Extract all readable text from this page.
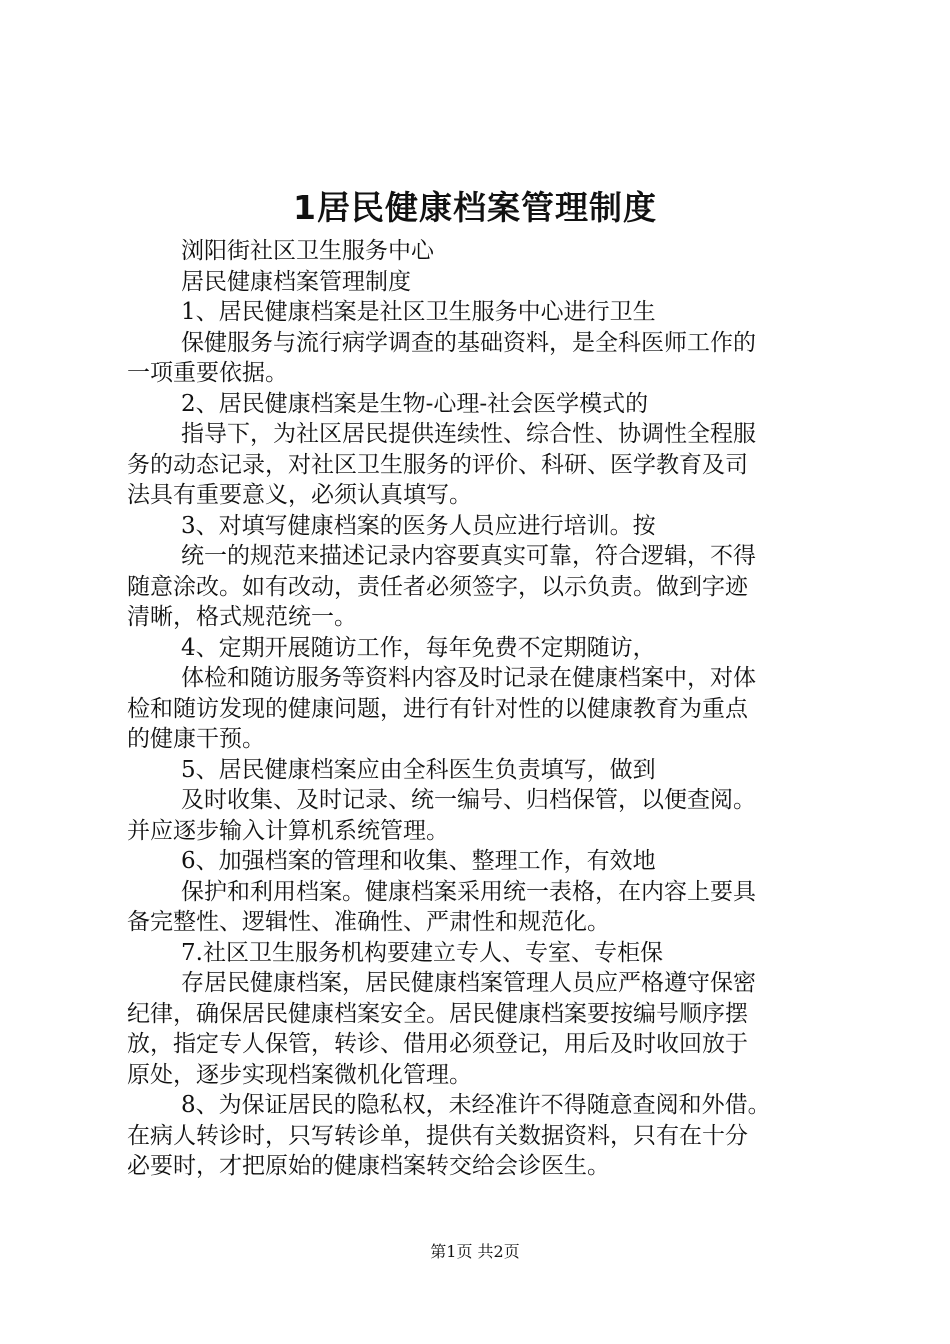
1居民健康档案管理制度
浏阳街社区卫生服务中心
居民健康档案管理制度
1、居民健康档案是社区卫生服务中心进行卫生
保健服务与流行病学调查的基础资料，是全科医师工作的
一项重要依据。
2、居民健康档案是生物-心理-社会医学模式的
指导下，为社区居民提供连续性、综合性、协调性全程服
务的动态记录，对社区卫生服务的评价、科研、医学教育及司
法具有重要意义，必须认真填写。
3、对填写健康档案的医务人员应进行培训。按
统一的规范来描述记录内容要真实可靠，符合逻辑，不得
随意涂改。如有改动，责任者必须签字，以示负责。做到字迹
清晰，格式规范统一。
4、定期开展随访工作，每年免费不定期随访，
体检和随访服务等资料内容及时记录在健康档案中，对体
检和随访发现的健康问题，进行有针对性的以健康教育为重点
的健康干预。
5、居民健康档案应由全科医生负责填写，做到
及时收集、及时记录、统一编号、归档保管，以便查阅。
并应逐步输入计算机系统管理。
6、加强档案的管理和收集、整理工作，有效地
保护和利用档案。健康档案采用统一表格，在内容上要具
备完整性、逻辑性、准确性、严肃性和规范化。
7.社区卫生服务机构要建立专人、专室、专柜保
存居民健康档案，居民健康档案管理人员应严格遵守保密
纪律，确保居民健康档案安全。居民健康档案要按编号顺序摆
放，指定专人保管，转诊、借用必须登记，用后及时收回放于
原处，逐步实现档案微机化管理。
8、为保证居民的隐私权，未经准许不得随意查阅和外借。
在病人转诊时，只写转诊单，提供有关数据资料，只有在十分
必要时，才把原始的健康档案转交给会诊医生。
第1页 共2页
